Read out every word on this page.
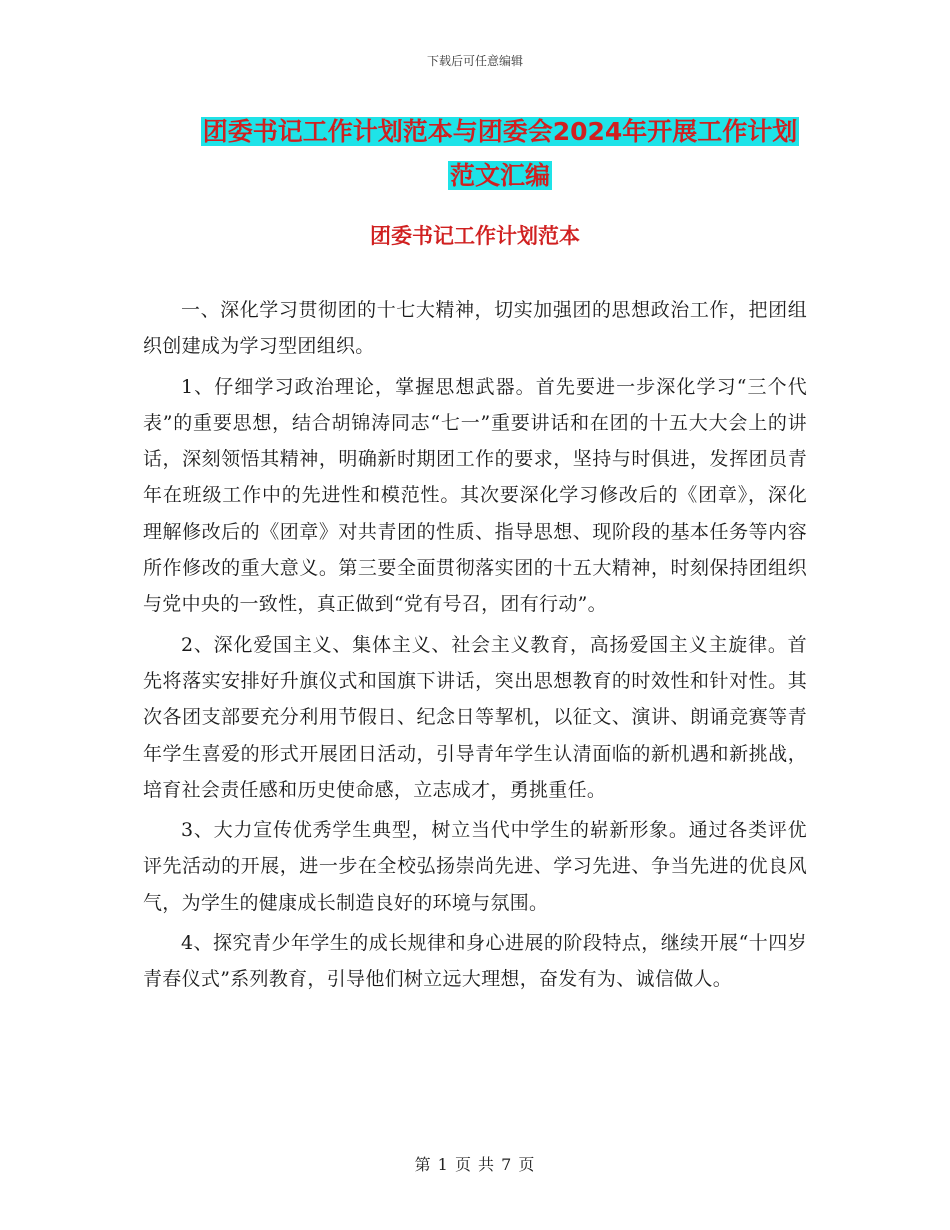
下载后可任意编辑
团委书记工作计划范本与团委会2024年开展工作计划
范文汇编
团委书记工作计划范本

一、深化学习贯彻团的十七大精神，切实加强团的思想政治工作，把团组织创建成为学习型团组织。

1、仔细学习政治理论，掌握思想武器。首先要进一步深化学习“三个代表”的重要思想，结合胡锦涛同志“七一”重要讲话和在团的十五大大会上的讲话，深刻领悟其精神，明确新时期团工作的要求，坚持与时俱进，发挥团员青年在班级工作中的先进性和模范性。其次要深化学习修改后的《团章》，深化理解修改后的《团章》对共青团的性质、指导思想、现阶段的基本任务等内容所作修改的重大意义。第三要全面贯彻落实团的十五大精神，时刻保持团组织与党中央的一致性，真正做到“党有号召，团有行动”。

2、深化爱国主义、集体主义、社会主义教育，高扬爱国主义主旋律。首先将落实安排好升旗仪式和国旗下讲话，突出思想教育的时效性和针对性。其次各团支部要充分利用节假日、纪念日等挈机，以征文、演讲、朗诵竞赛等青年学生喜爱的形式开展团日活动，引导青年学生认清面临的新机遇和新挑战，培育社会责任感和历史使命感，立志成才，勇挑重任。

3、大力宣传优秀学生典型，树立当代中学生的崭新形象。通过各类评优评先活动的开展，进一步在全校弘扬崇尚先进、学习先进、争当先进的优良风气，为学生的健康成长制造良好的环境与氛围。

4、探究青少年学生的成长规律和身心进展的阶段特点，继续开展“十四岁青春仪式”系列教育，引导他们树立远大理想，奋发有为、诚信做人。

第 1 页 共 7 页
